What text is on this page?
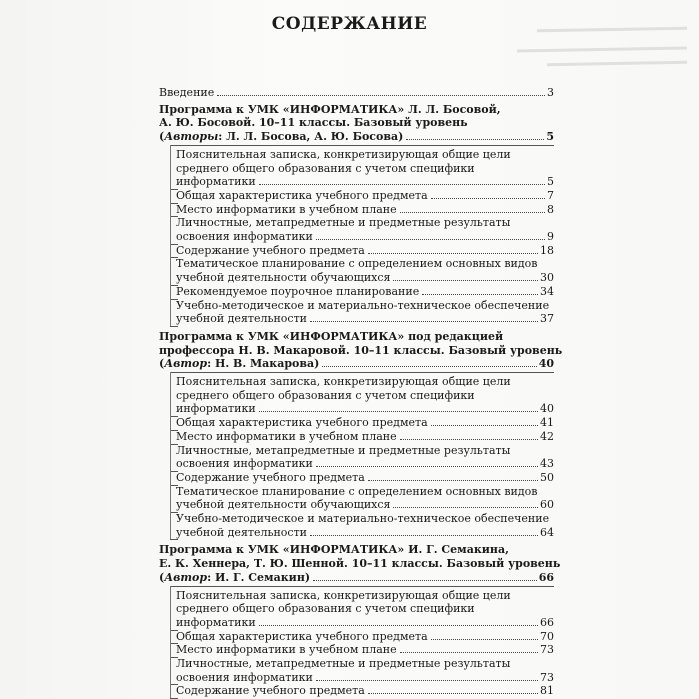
СОДЕРЖАНИЕ
Введение	3
Программа к УМК «ИНФОРМАТИКА» Л. Л. Босовой,
А. Ю. Босовой. 10–11 классы. Базовый уровень
(Авторы: Л. Л. Босова, А. Ю. Босова)	5
Пояснительная записка, конкретизирующая общие цели
среднего общего образования с учетом специфики
информатики	5
Общая характеристика учебного предмета	7
Место информатики в учебном плане	8
Личностные, метапредметные и предметные результаты
освоения информатики	9
Содержание учебного предмета	18
Тематическое планирование с определением основных видов
учебной деятельности обучающихся	30
Рекомендуемое поурочное планирование	34
Учебно-методическое и материально-техническое обеспечение
учебной деятельности	37
Программа к УМК «ИНФОРМАТИКА» под редакцией
профессора Н. В. Макаровой. 10–11 классы. Базовый уровень
(Автор: Н. В. Макарова)	40
Пояснительная записка, конкретизирующая общие цели
среднего общего образования с учетом специфики
информатики	40
Общая характеристика учебного предмета	41
Место информатики в учебном плане	42
Личностные, метапредметные и предметные результаты
освоения информатики	43
Содержание учебного предмета	50
Тематическое планирование с определением основных видов
учебной деятельности обучающихся	60
Учебно-методическое и материально-техническое обеспечение
учебной деятельности	64
Программа к УМК «ИНФОРМАТИКА» И. Г. Семакина,
Е. К. Хеннера, Т. Ю. Шенной. 10–11 классы. Базовый уровень
(Автор: И. Г. Семакин)	66
Пояснительная записка, конкретизирующая общие цели
среднего общего образования с учетом специфики
информатики	66
Общая характеристика учебного предмета	70
Место информатики в учебном плане	73
Личностные, метапредметные и предметные результаты
освоения информатики	73
Содержание учебного предмета	81
